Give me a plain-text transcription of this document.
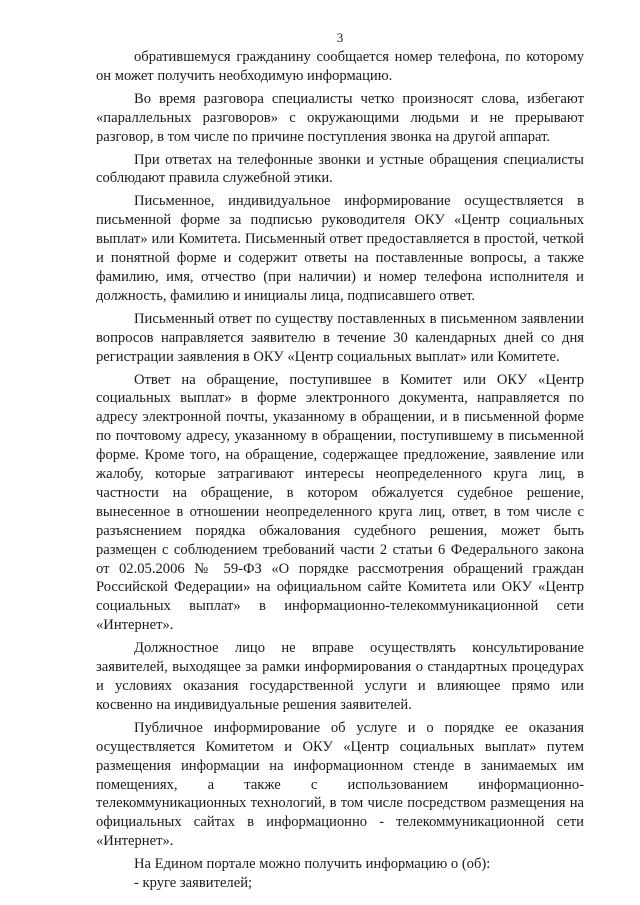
3

обратившемуся гражданину сообщается номер телефона, по которому он может получить необходимую информацию.

Во время разговора специалисты четко произносят слова, избегают «параллельных разговоров» с окружающими людьми и не прерывают разговор, в том числе по причине поступления звонка на другой аппарат.

При ответах на телефонные звонки и устные обращения специалисты соблюдают правила служебной этики.

Письменное, индивидуальное информирование осуществляется в письменной форме за подписью руководителя ОКУ «Центр социальных выплат» или Комитета. Письменный ответ предоставляется в простой, четкой и понятной форме и содержит ответы на поставленные вопросы, а также фамилию, имя, отчество (при наличии) и номер телефона исполнителя и должность, фамилию и инициалы лица, подписавшего ответ.

Письменный ответ по существу поставленных в письменном заявлении вопросов направляется заявителю в течение 30 календарных дней со дня регистрации заявления в ОКУ «Центр социальных выплат» или Комитете.

Ответ на обращение, поступившее в Комитет или ОКУ «Центр социальных выплат» в форме электронного документа, направляется по адресу электронной почты, указанному в обращении, и в письменной форме по почтовому адресу, указанному в обращении, поступившему в письменной форме. Кроме того, на обращение, содержащее предложение, заявление или жалобу, которые затрагивают интересы неопределенного круга лиц, в частности на обращение, в котором обжалуется судебное решение, вынесенное в отношении неопределенного круга лиц, ответ, в том числе с разъяснением порядка обжалования судебного решения, может быть размещен с соблюдением требований части 2 статьи 6 Федерального закона от 02.05.2006 № 59-ФЗ «О порядке рассмотрения обращений граждан Российской Федерации» на официальном сайте Комитета или ОКУ «Центр социальных выплат» в информационно-телекоммуникационной сети «Интернет».

Должностное лицо не вправе осуществлять консультирование заявителей, выходящее за рамки информирования о стандартных процедурах и условиях оказания государственной услуги и влияющее прямо или косвенно на индивидуальные решения заявителей.

Публичное информирование об услуге и о порядке ее оказания осуществляется Комитетом и ОКУ «Центр социальных выплат» путем размещения информации на информационном стенде в занимаемых им помещениях, а также с использованием информационно-телекоммуникационных технологий, в том числе посредством размещения на официальных сайтах в информационно - телекоммуникационной сети «Интернет».

На Едином портале можно получить информацию о (об):

- круге заявителей;
